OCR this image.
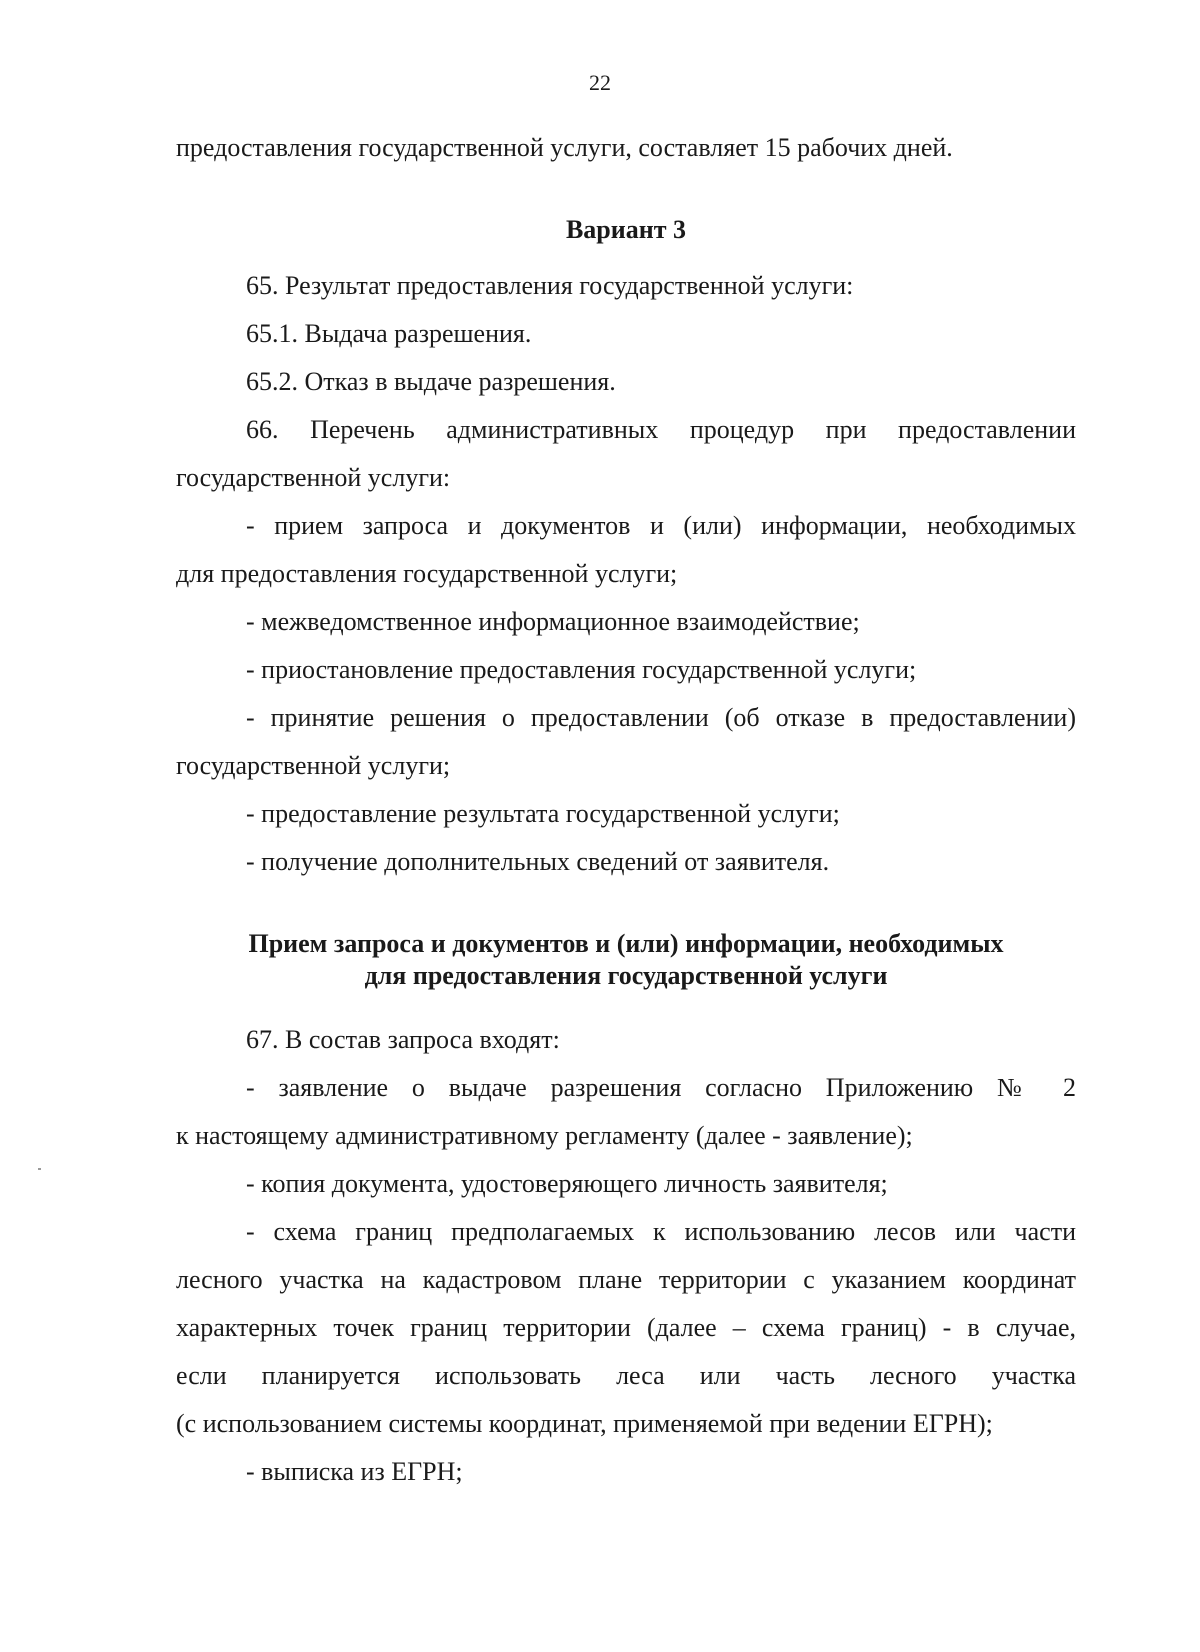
22
предоставления государственной услуги, составляет 15 рабочих дней.
Вариант 3
65. Результат предоставления государственной услуги:
65.1. Выдача разрешения.
65.2. Отказ в выдаче разрешения.
66. Перечень административных процедур при предоставлении
государственной услуги:
- прием запроса и документов и (или) информации, необходимых
для предоставления государственной услуги;
- межведомственное информационное взаимодействие;
- приостановление предоставления государственной услуги;
- принятие решения о предоставлении (об отказе в предоставлении)
государственной услуги;
- предоставление результата государственной услуги;
- получение дополнительных сведений от заявителя.
Прием запроса и документов и (или) информации, необходимых
для предоставления государственной услуги
67. В состав запроса входят:
- заявление о выдаче разрешения согласно Приложению № 2
к настоящему административному регламенту (далее - заявление);
- копия документа, удостоверяющего личность заявителя;
- схема границ предполагаемых к использованию лесов или части
лесного участка на кадастровом плане территории с указанием координат
характерных точек границ территории (далее – схема границ) - в случае,
если планируется использовать леса или часть лесного участка
(с использованием системы координат, применяемой при ведении ЕГРН);
- выписка из ЕГРН;
